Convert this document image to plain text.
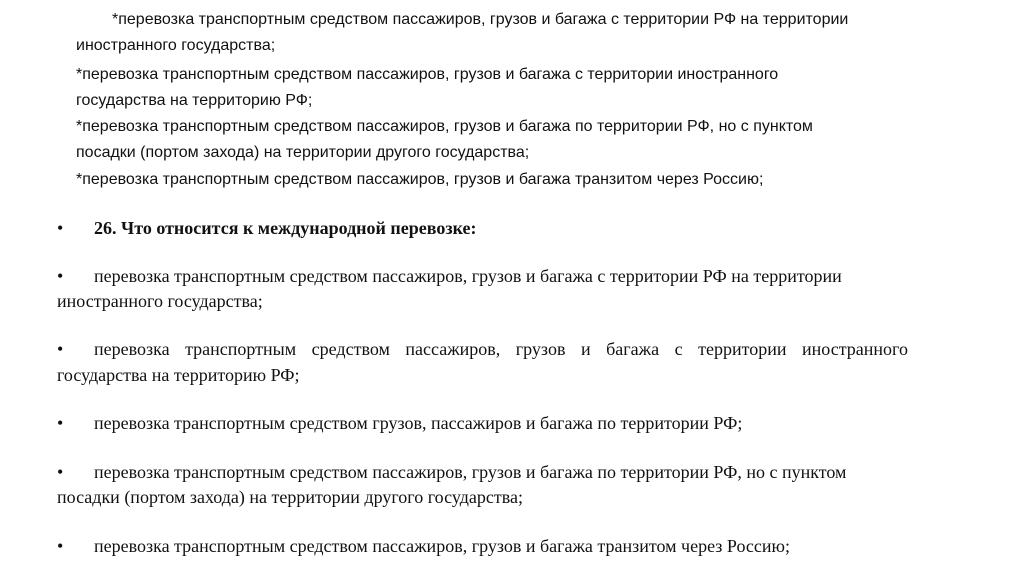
*перевозка транспортным средством пассажиров, грузов и багажа с территории РФ на территории
иностранного государства;
*перевозка транспортным средством пассажиров, грузов и багажа с территории иностранного
государства на территорию РФ;
*перевозка транспортным средством пассажиров, грузов и багажа по территории РФ, но с пунктом
посадки (портом захода) на территории другого государства;
*перевозка транспортным средством пассажиров, грузов и багажа транзитом через Россию;
• 26. Что относится к международной перевозке:
• перевозка транспортным средством пассажиров, грузов и багажа с территории РФ на территории
иностранного государства;
• перевозка транспортным средством пассажиров, грузов и багажа с территории иностранного
государства на территорию РФ;
• перевозка транспортным средством грузов, пассажиров и багажа по территории РФ;
• перевозка транспортным средством пассажиров, грузов и багажа по территории РФ, но с пунктом
посадки (портом захода) на территории другого государства;
• перевозка транспортным средством пассажиров, грузов и багажа транзитом через Россию;
